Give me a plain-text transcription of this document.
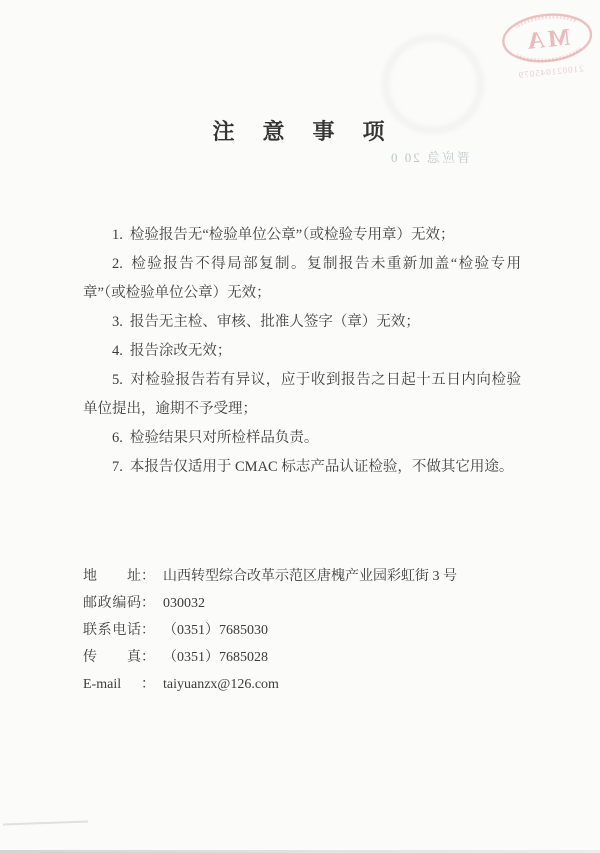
注　意　事　项
晋应急 20 0
MA
210021045079

1. 检验报告无“检验单位公章”（或检验专用章）无效；

2. 检验报告不得局部复制。复制报告未重新加盖“检验专用章”（或检验单位公章）无效；

3. 报告无主检、审核、批准人签字（章）无效；

4. 报告涂改无效；

5. 对检验报告若有异议，应于收到报告之日起十五日内向检验单位提出，逾期不予受理；

6. 检验结果只对所检样品负责。

7. 本报告仅适用于 CMAC 标志产品认证检验，不做其它用途。

地　址 ： 山西转型综合改革示范区唐槐产业园彩虹街 3 号
邮政编码 ： 030032
联系电话 ： （0351）7685030
传　真 ： （0351）7685028
E-mail	： taiyuanzx@126.com
